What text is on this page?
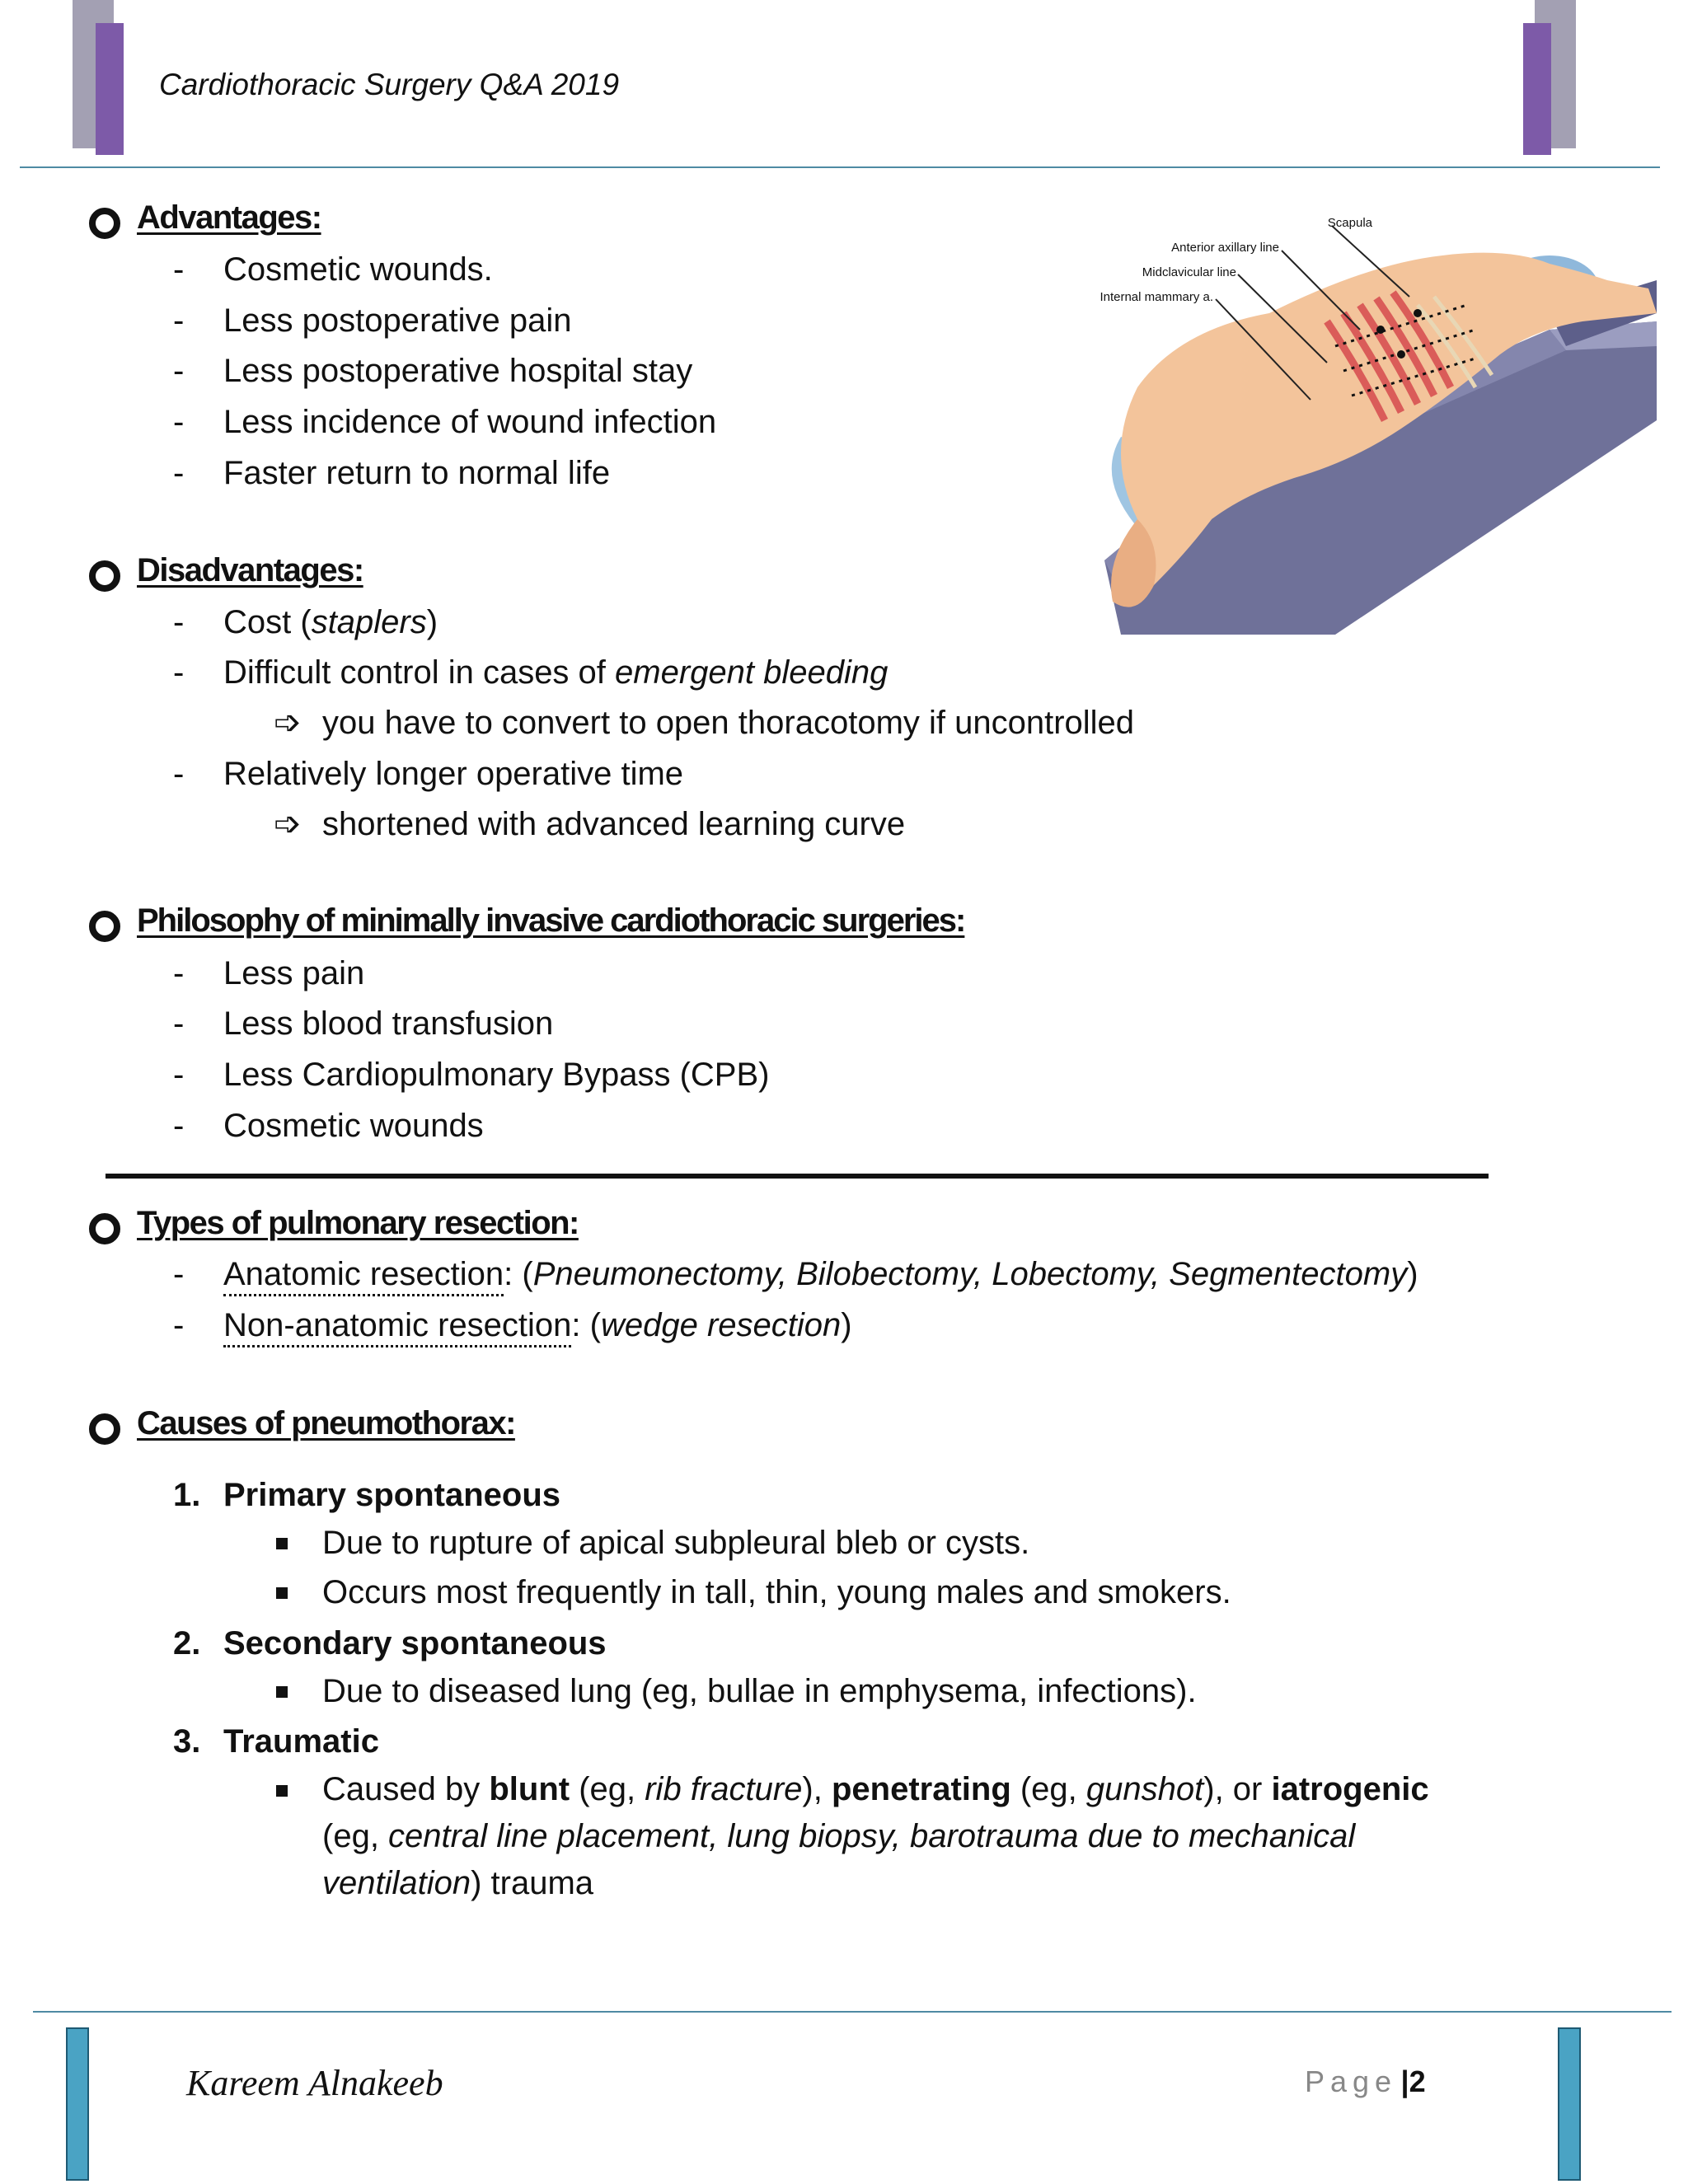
Cardiothoracic Surgery Q&A 2019
Scapula
Anterior axillary line
Midclavicular line
Internal mammary a.
Advantages:
- Cosmetic wounds.
- Less postoperative pain
- Less postoperative hospital stay
- Less incidence of wound infection
- Faster return to normal life
Disadvantages:
- Cost (staplers)
- Difficult control in cases of emergent bleeding
➩ you have to convert to open thoracotomy if uncontrolled
- Relatively longer operative time
➩ shortened with advanced learning curve
Philosophy of minimally invasive cardiothoracic surgeries:
- Less pain
- Less blood transfusion
- Less Cardiopulmonary Bypass (CPB)
- Cosmetic wounds
Types of pulmonary resection:
- Anatomic resection: (Pneumonectomy, Bilobectomy, Lobectomy, Segmentectomy)
- Non-anatomic resection: (wedge resection)
Causes of pneumothorax:
1. Primary spontaneous
Due to rupture of apical subpleural bleb or cysts.
Occurs most frequently in tall, thin, young males and smokers.
2. Secondary spontaneous
Due to diseased lung (eg, bullae in emphysema, infections).
3. Traumatic
Caused by blunt (eg, rib fracture), penetrating (eg, gunshot), or iatrogenic
(eg, central line placement, lung biopsy, barotrauma due to mechanical
ventilation) trauma
Kareem Alnakeeb	Page |2
